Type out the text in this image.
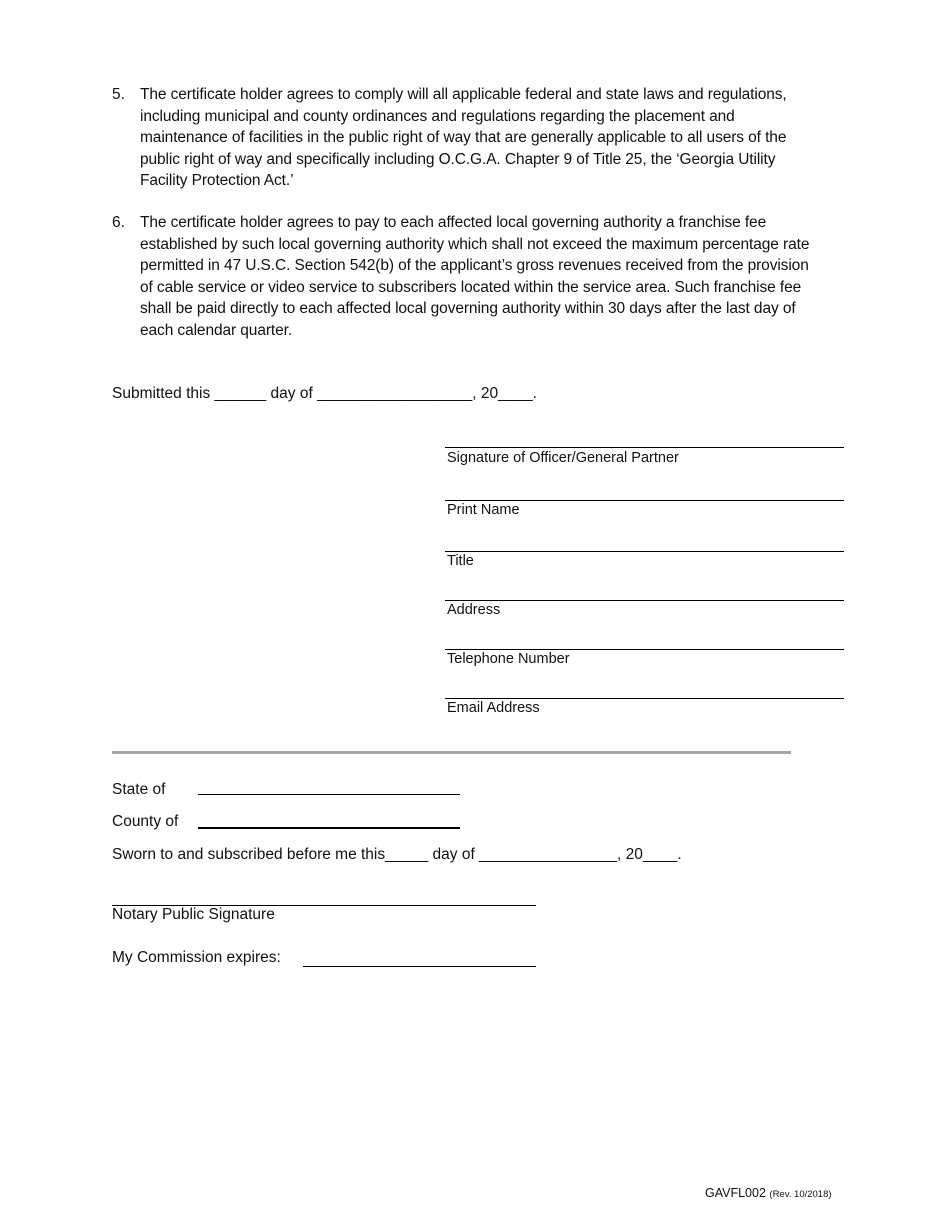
5. The certificate holder agrees to comply will all applicable federal and state laws and regulations, including municipal and county ordinances and regulations regarding the placement and maintenance of facilities in the public right of way that are generally applicable to all users of the public right of way and specifically including O.C.G.A. Chapter 9 of Title 25, the ‘Georgia Utility Facility Protection Act.’
6. The certificate holder agrees to pay to each affected local governing authority a franchise fee established by such local governing authority which shall not exceed the maximum percentage rate permitted in 47 U.S.C. Section 542(b) of the applicant’s gross revenues received from the provision of cable service or video service to subscribers located within the service area. Such franchise fee shall be paid directly to each affected local governing authority within 30 days after the last day of each calendar quarter.
Submitted this ______ day of __________________, 20____.
Signature of Officer/General Partner
Print Name
Title
Address
Telephone Number
Email Address
State of
County of
Sworn to and subscribed before me this_____ day of ________________, 20____.
Notary Public Signature
My Commission expires:
GAVFL002 (Rev. 10/2018)
